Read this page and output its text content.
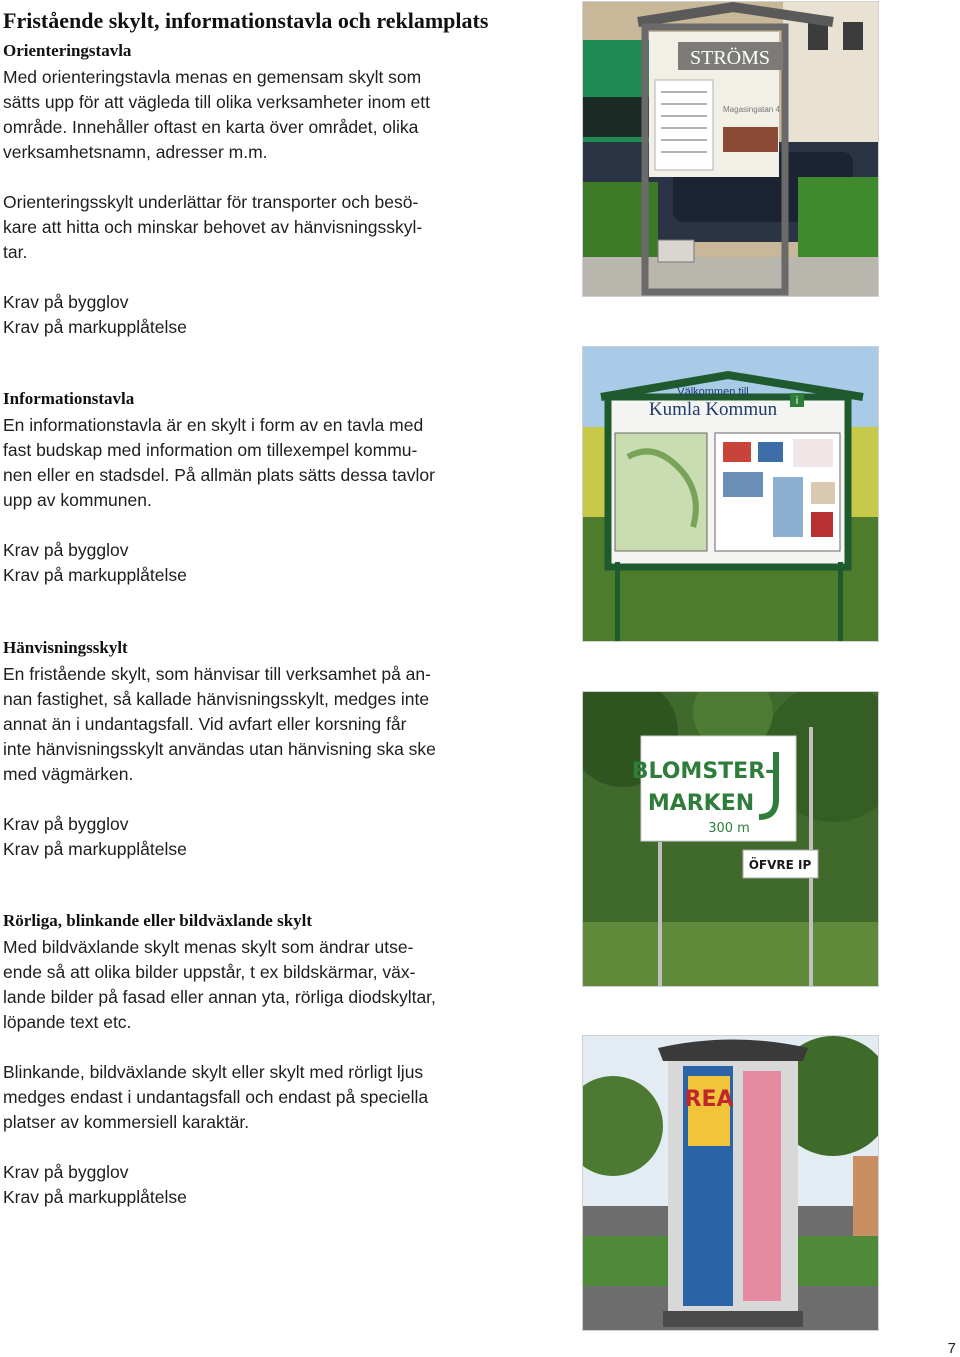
Fristående skylt, informationstavla och reklamplats
Orienteringstavla

Med orienteringstavla menas en gemensam skylt som
sätts upp för att vägleda till olika verksamheter inom ett
område. Innehåller oftast en karta över området, olika
verksamhetsnamn, adresser m.m.

Orienteringsskylt underlättar för transporter och besö-
kare att hitta och minskar behovet av hänvisningsskyl-
tar.

Krav på bygglov

Krav på markupplåtelse

Informationstavla

En informationstavla är en skylt i form av en tavla med
fast budskap med information om tillexempel kommu-
nen eller en stadsdel. På allmän plats sätts dessa tavlor
upp av kommunen.

Krav på bygglov

Krav på markupplåtelse

Hänvisningsskylt

En fristående skylt, som hänvisar till verksamhet på an-
nan fastighet, så kallade hänvisningsskylt, medges inte
annat än i undantagsfall. Vid avfart eller korsning får
inte hänvisningsskylt användas utan hänvisning ska ske
med vägmärken.

Krav på bygglov

Krav på markupplåtelse

Rörliga, blinkande eller bildväxlande skylt

Med bildväxlande skylt menas skylt som ändrar utse-
ende så att olika bilder uppstår, t ex bildskärmar, väx-
lande bilder på fasad eller annan yta, rörliga diodskyltar,
löpande text etc.

Blinkande, bildväxlande skylt eller skylt med rörligt ljus
medges endast i undantagsfall och endast på speciella
platser av kommersiell karaktär.

Krav på bygglov

Krav på markupplåtelse

STRÖMS
Magasingatan 4
Välkommen till
Kumla Kommun i
BLOMSTER-
MARKEN
300 m
ÖFVRE IP
REA
7
